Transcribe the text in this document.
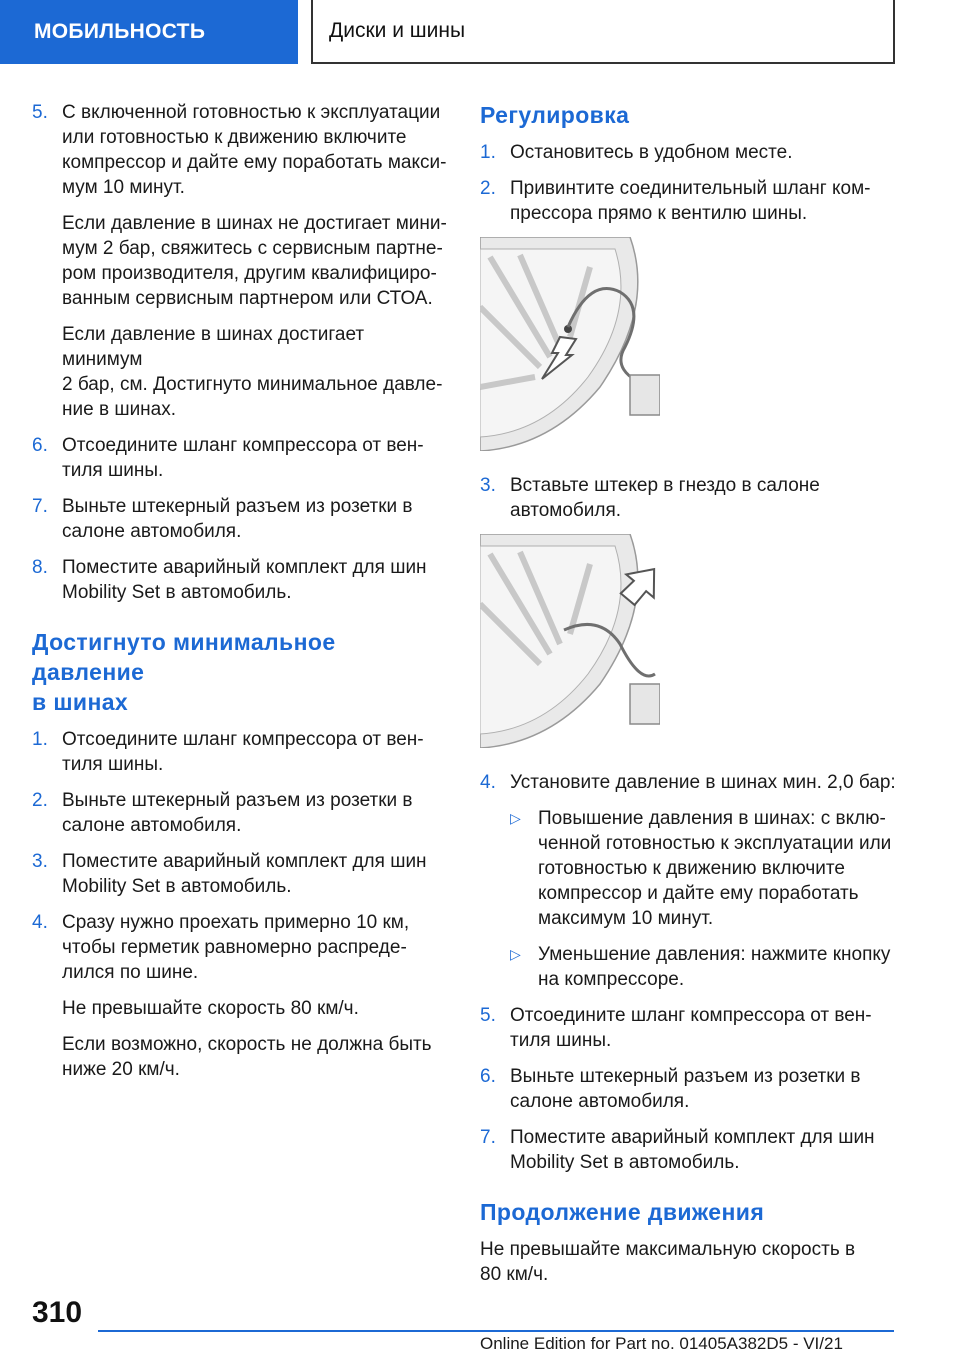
МОБИЛЬНОСТЬ	Диски и шины
5. С включенной готовностью к эксплуатации
или готовностью к движению включите
компрессор и дайте ему поработать макси-
мум 10 минут.

Если давление в шинах не достигает мини-
мум 2 бар, свяжитесь с сервисным партне-
ром производителя, другим квалифициро-
ванным сервисным партнером или СТОА.

Если давление в шинах достигает минимум
2 бар, см. Достигнуто минимальное давле-
ние в шинах.

6. Отсоедините шланг компрессора от вен-
тиля шины.
7. Выньте штекерный разъем из розетки в
салоне автомобиля.
8. Поместите аварийный комплект для шин
Mobility Set в автомобиль.
Достигнуто минимальное давление
в шинах
1. Отсоедините шланг компрессора от вен-
тиля шины.
2. Выньте штекерный разъем из розетки в
салоне автомобиля.
3. Поместите аварийный комплект для шин
Mobility Set в автомобиль.
4. Сразу нужно проехать примерно 10 км,
чтобы герметик равномерно распреде-
лился по шине.

Не превышайте скорость 80 км/ч.

Если возможно, скорость не должна быть
ниже 20 км/ч.

Регулировка
1. Остановитесь в удобном месте.
2. Привинтите соединительный шланг ком-
прессора прямо к вентилю шины.
3. Вставьте штекер в гнездо в салоне
автомобиля.
4. Установите давление в шинах мин. 2,0 бар:
▷ Повышение давления в шинах: с вклю-
ченной готовностью к эксплуатации или
готовностью к движению включите
компрессор и дайте ему поработать
максимум 10 минут.
▷ Уменьшение давления: нажмите кнопку
на компрессоре.
5. Отсоедините шланг компрессора от вен-
тиля шины.
6. Выньте штекерный разъем из розетки в
салоне автомобиля.
7. Поместите аварийный комплект для шин
Mobility Set в автомобиль.
Продолжение движения

Не превышайте максимальную скорость в
80 км/ч.

310
Online Edition for Part no. 01405A382D5 - VI/21
